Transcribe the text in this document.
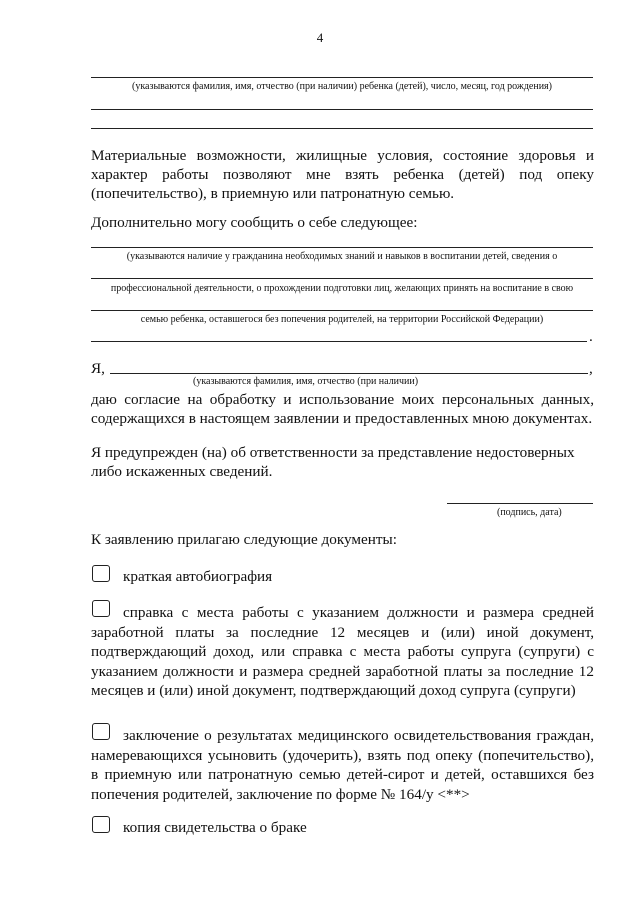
4
(указываются фамилия, имя, отчество (при наличии) ребенка (детей), число, месяц, год рождения)
Материальные возможности, жилищные условия, состояние здоровья и характер работы позволяют мне взять ребенка (детей) под опеку (попечительство), в приемную или патронатную семью.
Дополнительно могу сообщить о себе следующее:
(указываются наличие у гражданина необходимых знаний и навыков в воспитании детей, сведения о
профессиональной деятельности, о прохождении подготовки лиц, желающих принять на воспитание в свою
семью ребенка, оставшегося без попечения родителей, на территории Российской Федерации)
.
Я,	,
(указываются фамилия, имя, отчество (при наличии)
даю согласие на обработку и использование моих персональных данных,
содержащихся в настоящем заявлении и предоставленных мною документах.
Я предупрежден (на) об ответственности за представление недостоверных
либо искаженных сведений.
(подпись, дата)
К заявлению прилагаю следующие документы:
краткая автобиография
справка с места работы с указанием должности и размера средней заработной платы за последние 12 месяцев и (или) иной документ, подтверждающий доход, или справка с места работы супруга (супруги) с указанием должности и размера средней заработной платы за последние 12 месяцев и (или) иной документ, подтверждающий доход супруга (супруги)
заключение о результатах медицинского освидетельствования граждан, намеревающихся усыновить (удочерить), взять под опеку (попечительство), в приемную или патронатную семью детей-сирот и детей, оставшихся без попечения родителей, заключение по форме № 164/у <**>
копия свидетельства о браке
